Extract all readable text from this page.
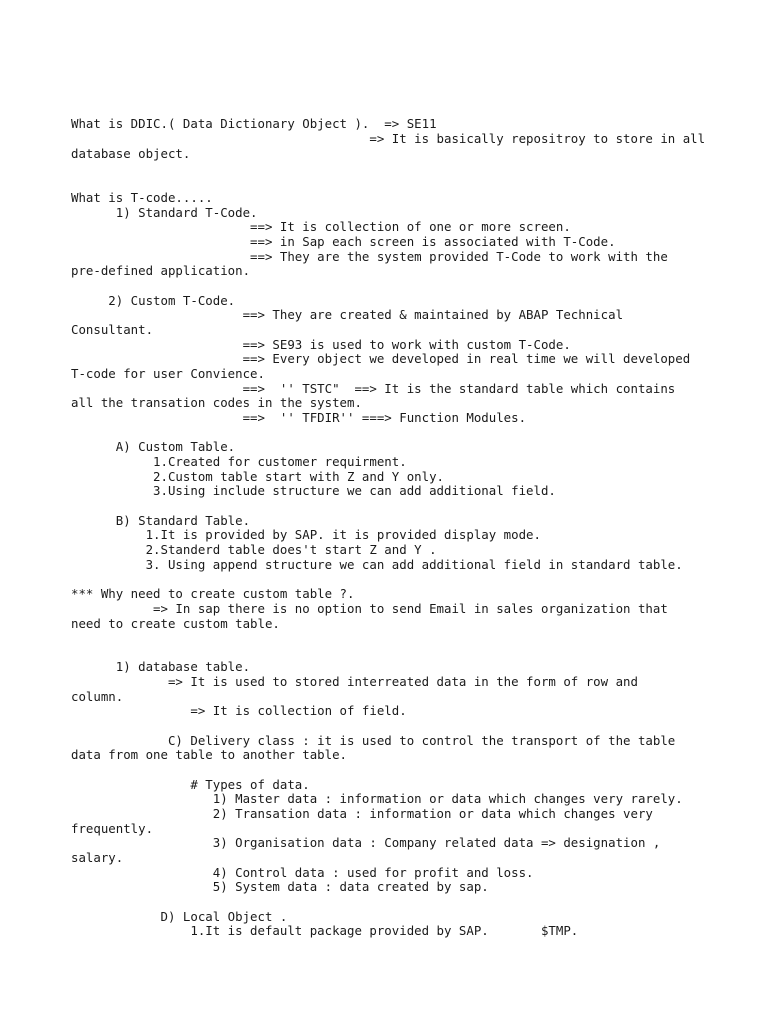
What is DDIC.( Data Dictionary Object ).  => SE11

=> It is basically repositroy to store in all

database object.

What is T-code.....

1) Standard T-Code.

==> It is collection of one or more screen.

==> in Sap each screen is associated with T-Code.

==> They are the system provided T-Code to work with the

pre-defined application.

2) Custom T-Code.

==> They are created & maintained by ABAP Technical

Consultant.

==> SE93 is used to work with custom T-Code.

==> Every object we developed in real time we will developed

T-code for user Convience.

==>  '' TSTC"  ==> It is the standard table which contains

all the transation codes in the system.

==>  '' TFDIR'' ===> Function Modules.

A) Custom Table.

1.Created for customer requirment.

2.Custom table start with Z and Y only.

3.Using include structure we can add additional field.

B) Standard Table.

1.It is provided by SAP. it is provided display mode.

2.Standerd table does't start Z and Y .

3. Using append structure we can add additional field in standard table.

*** Why need to create custom table ?.

=> In sap there is no option to send Email in sales organization that

need to create custom table.

1) database table.

=> It is used to stored interreated data in the form of row and

column.

=> It is collection of field.

C) Delivery class : it is used to control the transport of the table

data from one table to another table.

# Types of data.

1) Master data : information or data which changes very rarely.

2) Transation data : information or data which changes very

frequently.

3) Organisation data : Company related data => designation ,

salary.

4) Control data : used for profit and loss.

5) System data : data created by sap.

D) Local Object .

1.It is default package provided by SAP.       $TMP.
